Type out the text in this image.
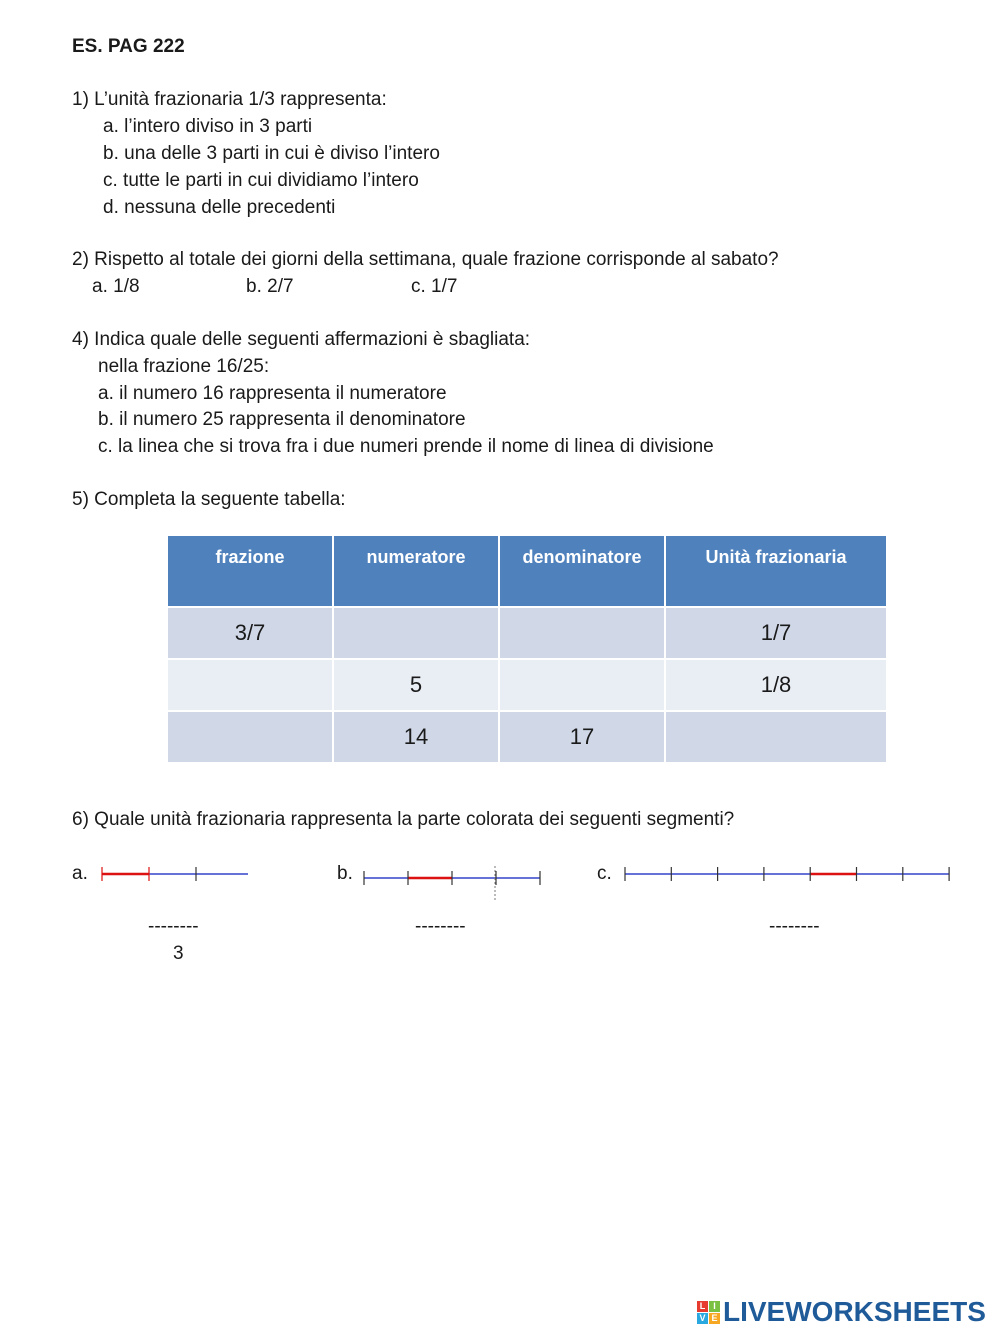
ES. PAG 222
1) L’unità frazionaria 1/3 rappresenta:
a. l’intero diviso in 3 parti
b. una delle 3 parti in cui è diviso l’intero
c. tutte le parti in cui dividiamo l’intero
d. nessuna delle precedenti
2) Rispetto al totale dei giorni della settimana, quale frazione corrisponde al sabato?
a. 1/8	b. 2/7	c. 1/7
4) Indica quale delle seguenti affermazioni è sbagliata:
nella frazione 16/25:
a. il numero 16 rappresenta il numeratore
b. il numero 25 rappresenta il denominatore
c. la linea che si trova fra i due numeri prende il nome di linea di divisione
5) Completa la seguente tabella:
frazione	numeratore	denominatore	Unità frazionaria
3/7			1/7
	5		1/8
	14	17	
6) Quale unità frazionaria rappresenta la parte colorata dei seguenti segmenti?
a.
--------
3
b.
--------
c.
--------
L I
V E LIVEWORKSHEETS
